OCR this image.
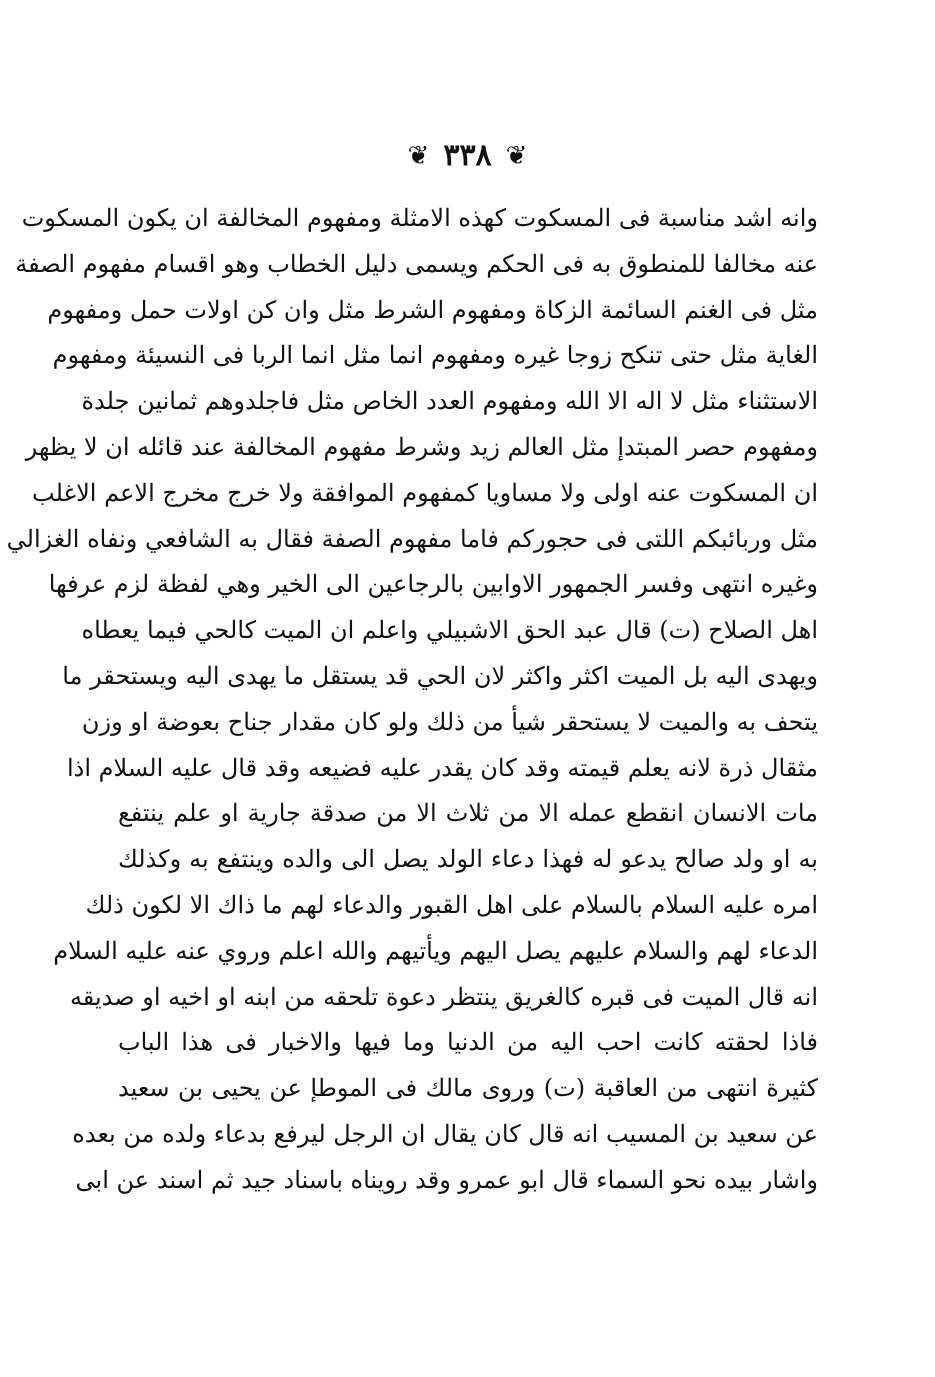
❦ ٣٣٨ ❦
وانه اشد مناسبة فى المسكوت كهذه الامثلة ومفهوم المخالفة ان يكون المسكوت
عنه مخالفا للمنطوق به فى الحكم ويسمى دليل الخطاب وهو اقسام مفهوم الصفة
مثل فى الغنم السائمة الزكاة ومفهوم الشرط مثل وان كن اولات حمل ومفهوم
الغاية مثل حتى تنكح زوجا غيره ومفهوم انما مثل انما الربا فى النسيئة ومفهوم
الاستثناء مثل لا اله الا الله ومفهوم العدد الخاص مثل فاجلدوهم ثمانين جلدة
ومفهوم حصر المبتدإ مثل العالم زيد وشرط مفهوم المخالفة عند قائله ان لا يظهر
ان المسكوت عنه اولى ولا مساويا كمفهوم الموافقة ولا خرج مخرج الاعم الاغلب
مثل وربائبكم اللتى فى حجوركم فاما مفهوم الصفة فقال به الشافعي ونفاه الغزالي
وغيره انتهى وفسر الجمهور الاوابين بالرجاعين الى الخير وهي لفظة لزم عرفها
اهل الصلاح (ت) قال عبد الحق الاشبيلي واعلم ان الميت كالحي فيما يعطاه
ويهدى اليه بل الميت اكثر واكثر لان الحي قد يستقل ما يهدى اليه ويستحقر ما
يتحف به والميت لا يستحقر شيأ من ذلك ولو كان مقدار جناح بعوضة او وزن
مثقال ذرة لانه يعلم قيمته وقد كان يقدر عليه فضيعه وقد قال عليه السلام اذا
مات الانسان انقطع عمله الا من ثلاث الا من صدقة جارية او علم ينتفع
به او ولد صالح يدعو له فهذا دعاء الولد يصل الى والده وينتفع به وكذلك
امره عليه السلام بالسلام على اهل القبور والدعاء لهم ما ذاك الا لكون ذلك
الدعاء لهم والسلام عليهم يصل اليهم ويأتيهم والله اعلم وروي عنه عليه السلام
انه قال الميت فى قبره كالغريق ينتظر دعوة تلحقه من ابنه او اخيه او صديقه
فاذا لحقته كانت احب اليه من الدنيا وما فيها والاخبار فى هذا الباب
كثيرة انتهى من العاقبة (ت) وروى مالك فى الموطإ عن يحيى بن سعيد
عن سعيد بن المسيب انه قال كان يقال ان الرجل ليرفع بدعاء ولده من بعده
واشار بيده نحو السماء قال ابو عمرو وقد رويناه باسناد جيد ثم اسند عن ابى
